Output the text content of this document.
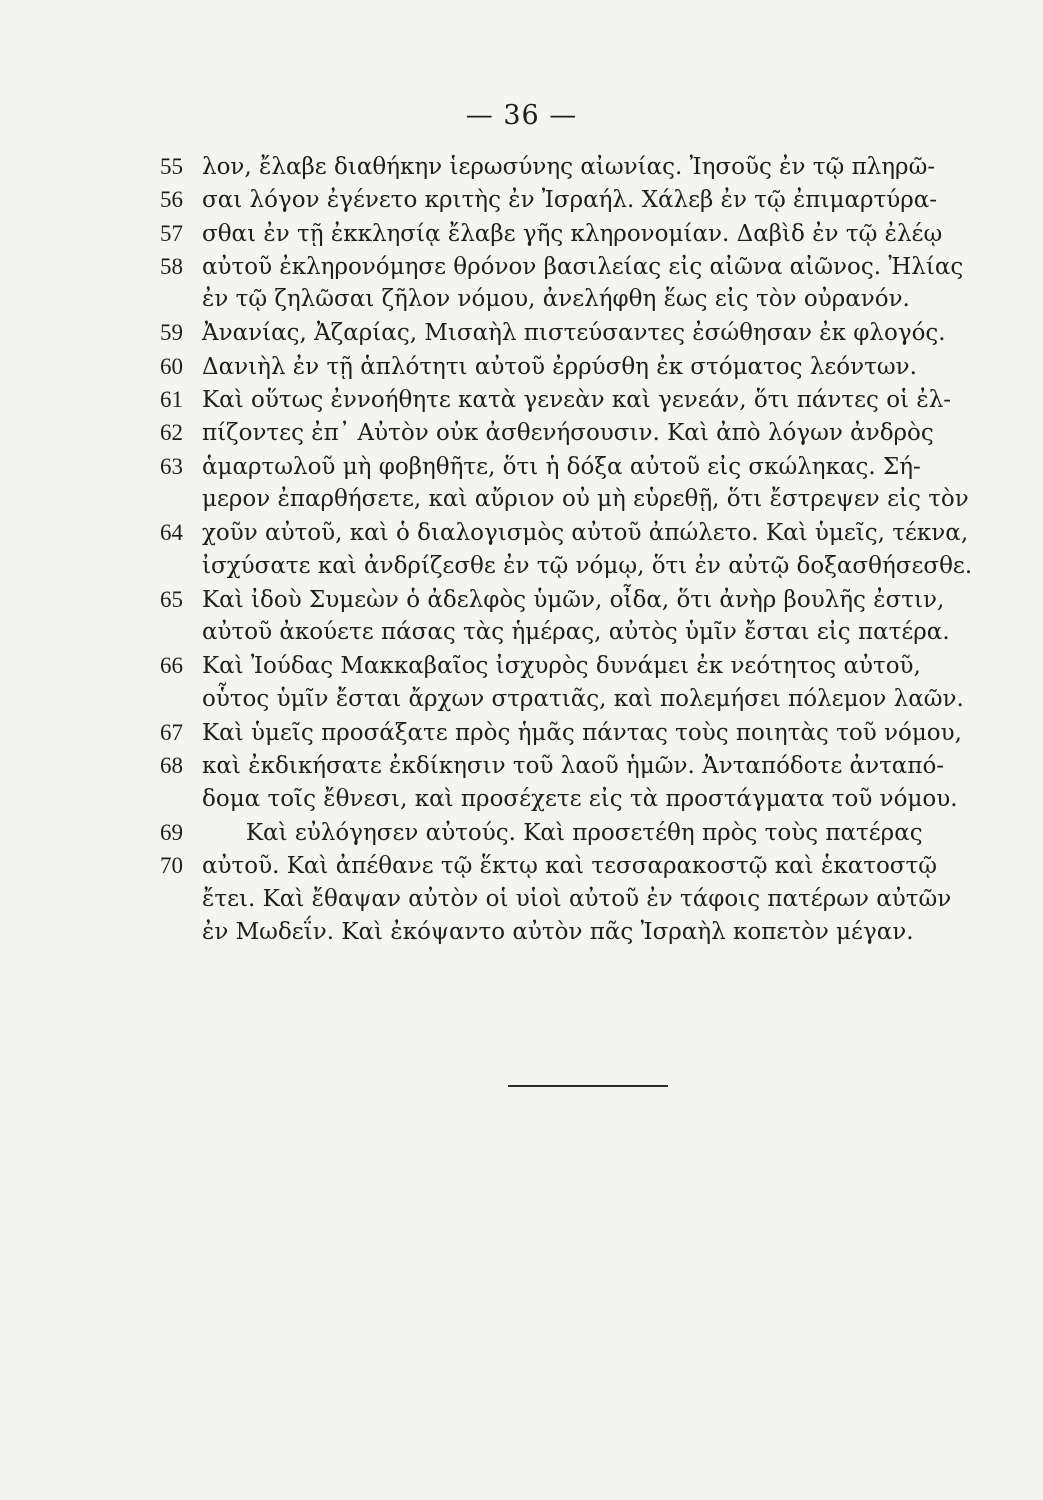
— 36 —
55 λον, ἔλαβε διαθήκην ἱερωσύνης αἰωνίας. Ἰησοῦς ἐν τῷ πληρῶ-
56 σαι λόγον ἐγένετο κριτὴς ἐν Ἰσραήλ. Χάλεβ ἐν τῷ ἐπιμαρτύρα-
57 σθαι ἐν τῇ ἐκκλησίᾳ ἔλαβε γῆς κληρονομίαν. Δαβὶδ ἐν τῷ ἐλέῳ
58 αὐτοῦ ἐκληρονόμησε θρόνον βασιλείας εἰς αἰῶνα αἰῶνος. Ἠλίας
ἐν τῷ ζηλῶσαι ζῆλον νόμου, ἀνελήφθη ἕως εἰς τὸν οὐρανόν.
59 Ἀνανίας, Ἀζαρίας, Μισαὴλ πιστεύσαντες ἐσώθησαν ἐκ φλογός.
60 Δανιὴλ ἐν τῇ ἁπλότητι αὐτοῦ ἐρρύσθη ἐκ στόματος λεόντων.
61 Καὶ οὕτως ἐννοήθητε κατὰ γενεὰν καὶ γενεάν, ὅτι πάντες οἱ ἐλ-
62 πίζοντες ἐπ᾿ Αὐτὸν οὐκ ἀσθενήσουσιν. Καὶ ἀπὸ λόγων ἀνδρὸς
63 ἁμαρτωλοῦ μὴ φοβηθῆτε, ὅτι ἡ δόξα αὐτοῦ εἰς σκώληκας. Σή-
μερον ἐπαρθήσετε, καὶ αὔριον οὐ μὴ εὑρεθῇ, ὅτι ἔστρεψεν εἰς τὸν
64 χοῦν αὐτοῦ, καὶ ὁ διαλογισμὸς αὐτοῦ ἀπώλετο. Καὶ ὑμεῖς, τέκνα,
ἰσχύσατε καὶ ἀνδρίζεσθε ἐν τῷ νόμῳ, ὅτι ἐν αὐτῷ δοξασθήσεσθε.
65 Καὶ ἰδοὺ Συμεὼν ὁ ἀδελφὸς ὑμῶν, οἶδα, ὅτι ἀνὴρ βουλῆς ἐστιν,
αὐτοῦ ἀκούετε πάσας τὰς ἡμέρας, αὐτὸς ὑμῖν ἔσται εἰς πατέρα.
66 Καὶ Ἰούδας Μακκαβαῖος ἰσχυρὸς δυνάμει ἐκ νεότητος αὐτοῦ,
οὗτος ὑμῖν ἔσται ἄρχων στρατιᾶς, καὶ πολεμήσει πόλεμον λαῶν.
67 Καὶ ὑμεῖς προσάξατε πρὸς ἡμᾶς πάντας τοὺς ποιητὰς τοῦ νόμου,
68 καὶ ἐκδικήσατε ἐκδίκησιν τοῦ λαοῦ ἡμῶν. Ἀνταπόδοτε ἀνταπό-
δομα τοῖς ἔθνεσι, καὶ προσέχετε εἰς τὰ προστάγματα τοῦ νόμου.
69 Καὶ εὐλόγησεν αὐτούς. Καὶ προσετέθη πρὸς τοὺς πατέρας
70 αὐτοῦ. Καὶ ἀπέθανε τῷ ἕκτῳ καὶ τεσσαρακοστῷ καὶ ἑκατοστῷ
ἔτει. Καὶ ἔθαψαν αὐτὸν οἱ υἱοὶ αὐτοῦ ἐν τάφοις πατέρων αὐτῶν
ἐν Μωδεΐν. Καὶ ἐκόψαντο αὐτὸν πᾶς Ἰσραὴλ κοπετὸν μέγαν.
